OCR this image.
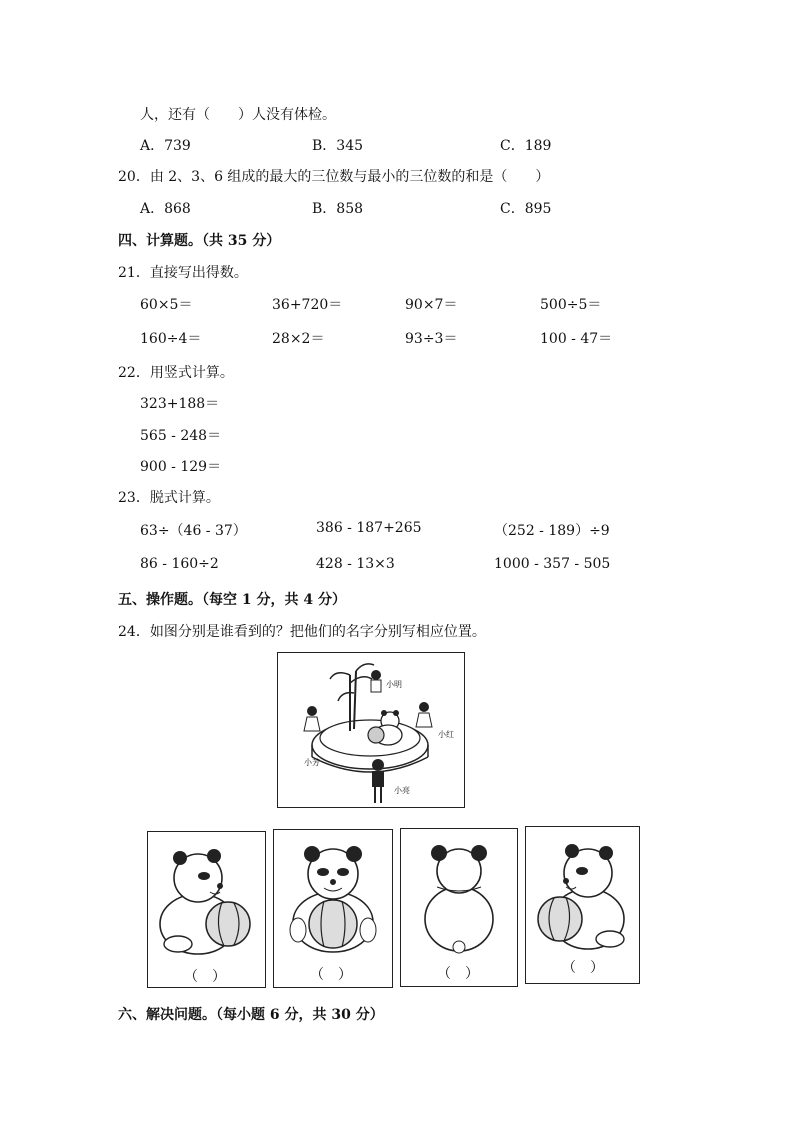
人，还有（　　）人没有体检。
A．739	B．345	C．189
20．由 2、3、6 组成的最大的三位数与最小的三位数的和是（　　）
A．868	B．858	C．895
四、计算题。（共 35 分）
21．直接写出得数。
60×5＝	36+720＝	90×7＝	500÷5＝
160÷4＝	28×2＝	93÷3＝	100 - 47＝
22．用竖式计算。
323+188＝
565 - 248＝
900 - 129＝
23．脱式计算。
63÷（46 - 37）	386 - 187+265	（252 - 189）÷9
86 - 160÷2	428 - 13×3	1000 - 357 - 505
五、操作题。（每空 1 分，共 4 分）
24．如图分别是谁看到的？把他们的名字分别写相应位置。
小明
小红
小芳
小亮
（　）	（　）	（　）	（　）
六、解决问题。（每小题 6 分，共 30 分）
